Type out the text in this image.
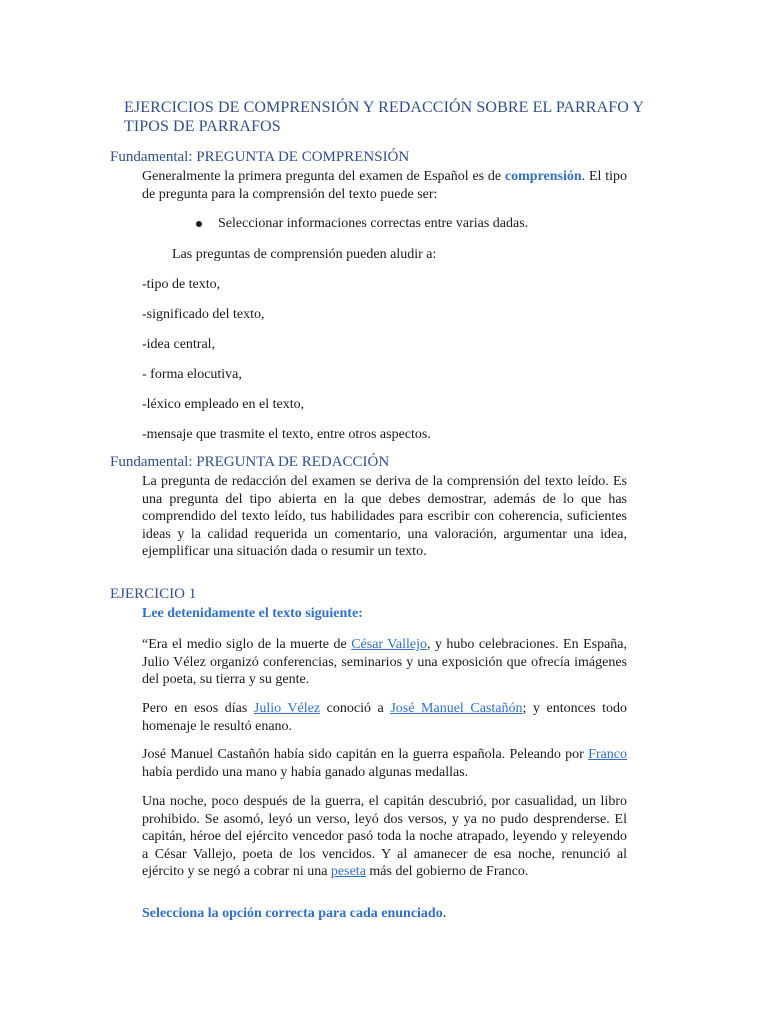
EJERCICIOS DE COMPRENSIÓN Y REDACCIÓN SOBRE EL PARRAFO Y TIPOS DE PARRAFOS
Fundamental: PREGUNTA DE COMPRENSIÓN
Generalmente la primera pregunta del examen de Español es de comprensión. El tipo de pregunta para la comprensión del texto puede ser:
Seleccionar informaciones correctas entre varias dadas.
Las preguntas de comprensión pueden aludir a:
-tipo de texto,
-significado del texto,
-idea central,
- forma elocutiva,
-léxico empleado en el texto,
-mensaje que trasmite el texto, entre otros aspectos.
Fundamental: PREGUNTA DE REDACCIÓN
La pregunta de redacción del examen se deriva de la comprensión del texto leído. Es una pregunta del tipo abierta en la que debes demostrar, además de lo que has comprendido del texto leído, tus habilidades para escribir con coherencia, suficientes ideas y la calidad requerida un comentario, una valoración, argumentar una idea, ejemplificar una situación dada o resumir un texto.
EJERCICIO 1
Lee detenidamente el texto siguiente:
“Era el medio siglo de la muerte de César Vallejo, y hubo celebraciones. En España, Julio Vélez organizó conferencias, seminarios y una exposición que ofrecía imágenes del poeta, su tierra y su gente.
Pero en esos días Julio Vélez conoció a José Manuel Castañón; y entonces todo homenaje le resultó enano.
José Manuel Castañón había sido capitán en la guerra española. Peleando por Franco había perdido una mano y había ganado algunas medallas.
Una noche, poco después de la guerra, el capitán descubrió, por casualidad, un libro prohibido. Se asomó, leyó un verso, leyó dos versos, y ya no pudo desprenderse. El capitán, héroe del ejército vencedor pasó toda la noche atrapado, leyendo y releyendo a César Vallejo, poeta de los vencidos. Y al amanecer de esa noche, renunció al ejército y se negó a cobrar ni una peseta más del gobierno de Franco.
Selecciona la opción correcta para cada enunciado.
